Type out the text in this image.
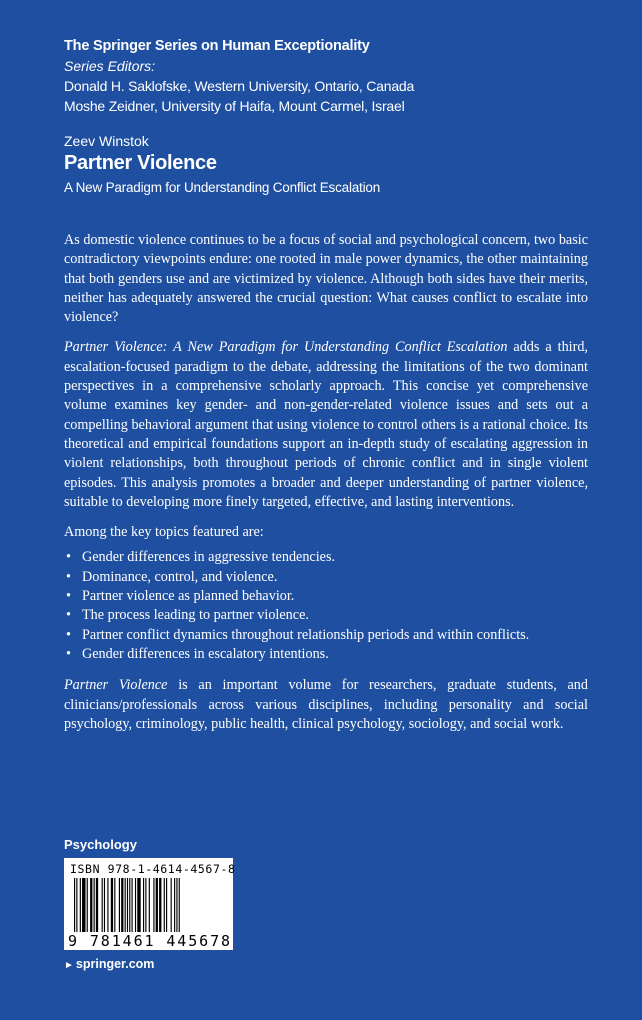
The Springer Series on Human Exceptionality
Series Editors:
Donald H. Saklofske, Western University, Ontario, Canada
Moshe Zeidner, University of Haifa, Mount Carmel, Israel
Zeev Winstok
Partner Violence
A New Paradigm for Understanding Conflict Escalation

As domestic violence continues to be a focus of social and psychological concern, two basic contradictory viewpoints endure: one rooted in male power dynamics, the other maintaining that both genders use and are victimized by violence. Although both sides have their merits, neither has adequately answered the crucial question: What causes conflict to escalate into violence?

Partner Violence: A New Paradigm for Understanding Conflict Escalation adds a third, escalation-focused paradigm to the debate, addressing the limitations of the two dominant perspectives in a comprehensive scholarly approach. This concise yet comprehensive volume examines key gender- and non-gender-related violence issues and sets out a compelling behavioral argument that using violence to control others is a rational choice. Its theoretical and empirical foundations support an in-depth study of escalating aggression in violent relationships, both throughout periods of chronic conflict and in single violent episodes. This analysis promotes a broader and deeper understanding of partner violence, suitable to developing more finely targeted, effective, and lasting interventions.

Among the key topics featured are:

• Gender differences in aggressive tendencies.
• Dominance, control, and violence.
• Partner violence as planned behavior.
• The process leading to partner violence.
• Partner conflict dynamics throughout relationship periods and within conflicts.
• Gender differences in escalatory intentions.

Partner Violence is an important volume for researchers, graduate students, and clinicians/professionals across various disciplines, including personality and social psychology, criminology, public health, clinical psychology, sociology, and social work.

Psychology
ISBN 978-1-4614-4567-8
9 781461 445678
► springer.com
